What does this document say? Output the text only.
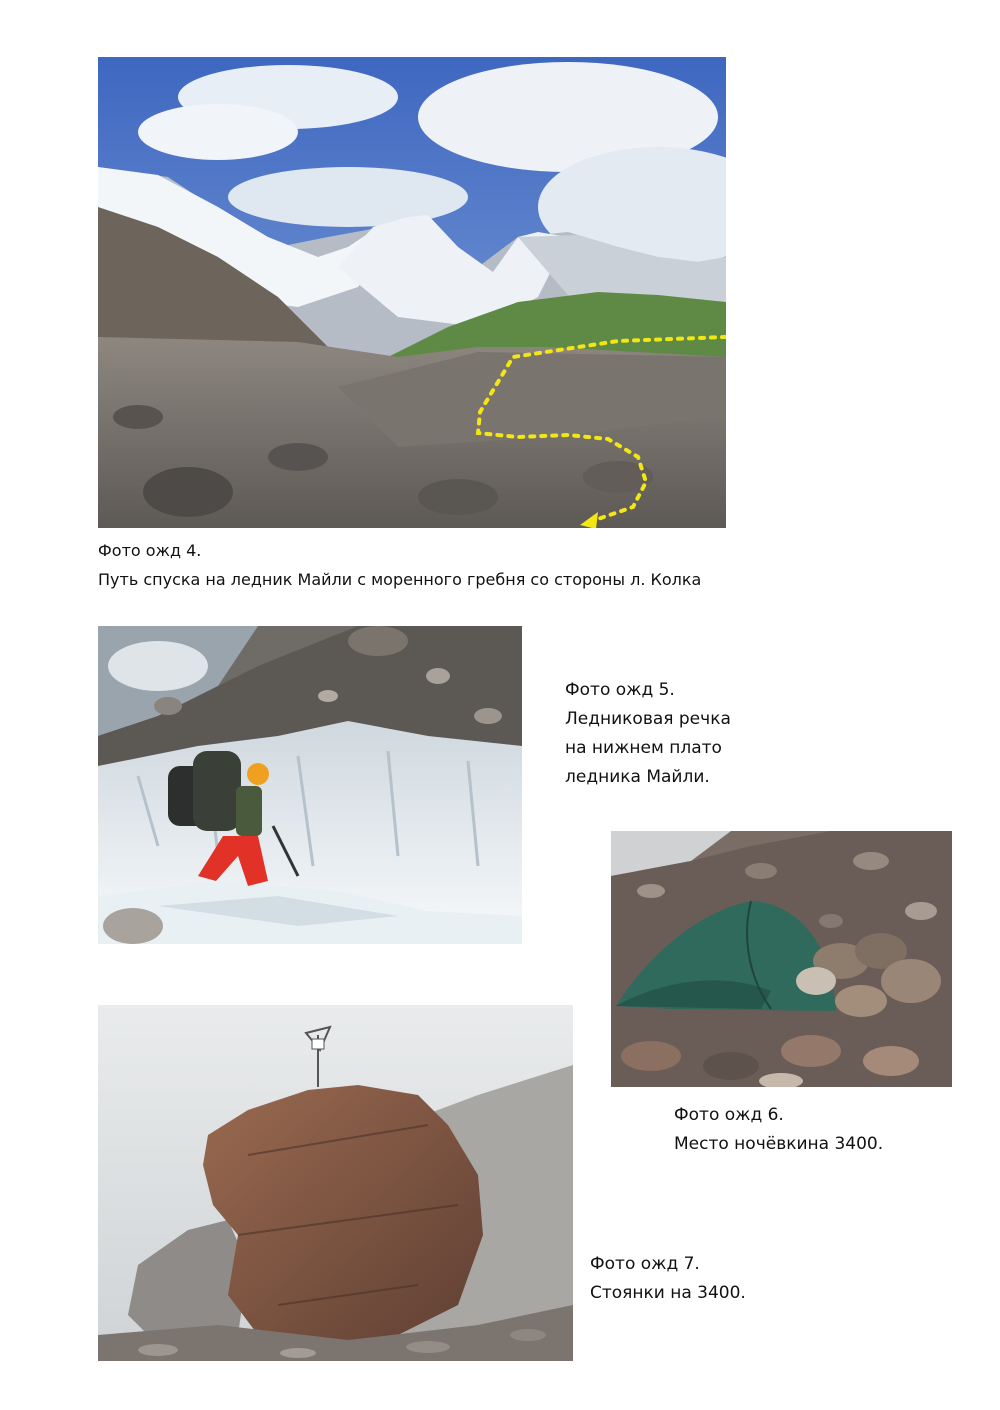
Фото ожд 4.
Путь спуска на ледник Майли с моренного гребня со стороны л. Колка

Фото ожд 5.
Ледниковая речка
на нижнем плато
ледника Майли.

Фото ожд 6.
Место ночёвкина 3400.

Фото ожд 7.
Стоянки на 3400.
